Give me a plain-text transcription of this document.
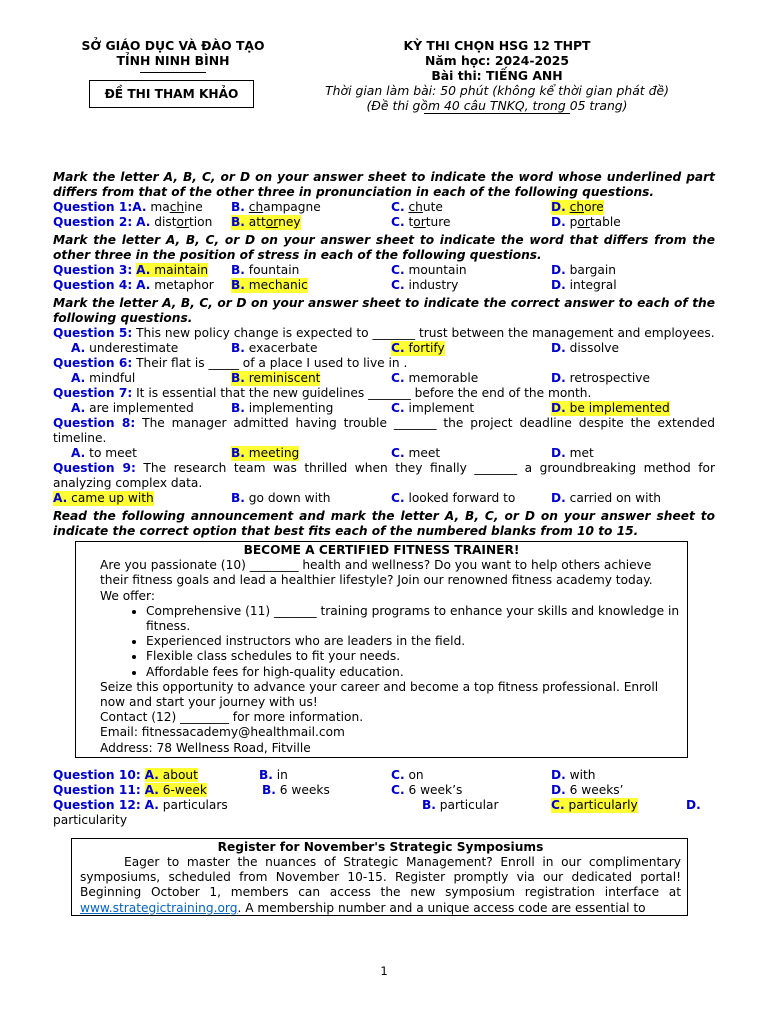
SỞ GIÁO DỤC VÀ ĐÀO TẠO
TỈNH NINH BÌNH
ĐỀ THI THAM KHẢO
KỲ THI CHỌN HSG 12 THPT
Năm học: 2024-2025
Bài thi: TIẾNG ANH
Thời gian làm bài: 50 phút (không kể thời gian phát đề)
(Đề thi gồm 40 câu TNKQ, trong 05 trang)
Mark the letter A, B, C, or D on your answer sheet to indicate the word whose underlined part differs from that of the other three in pronunciation in each of the following questions.
Question 1:A. machine B. champagne	C. chute	D. chore
Question 2: A. distortion B. attorney	C. torture	D. portable
Mark the letter A, B, C, or D on your answer sheet to indicate the word that differs from the other three in the position of stress in each of the following questions.
Question 3: A. maintain B. fountain	C. mountain	D. bargain
Question 4: A. metaphor B. mechanic	C. industry	D. integral
Mark the letter A, B, C, or D on your answer sheet to indicate the correct answer to each of the following questions.
Question 5: This new policy change is expected to _______ trust between the management and employees.
A. underestimate	B. exacerbate	C. fortify	D. dissolve
Question 6: Their flat is _____ of a place I used to live in .
A. mindful	B. reminiscent	C. memorable	D. retrospective
Question 7: It is essential that the new guidelines _______ before the end of the month.
A. are implemented	B. implementing	C. implement	D. be implemented
Question 8: The manager admitted having trouble _______ the project deadline despite the extended timeline.
A. to meet	B. meeting	C. meet	D. met
Question 9: The research team was thrilled when they finally _______ a groundbreaking method for analyzing complex data.
A. came up with	B. go down with	C. looked forward to	D. carried on with
Read the following announcement and mark the letter A, B, C, or D on your answer sheet to indicate the correct option that best fits each of the numbered blanks from 10 to 15.
BECOME A CERTIFIED FITNESS TRAINER!
Are you passionate (10) ________ health and wellness? Do you want to help others achieve their fitness goals and lead a healthier lifestyle? Join our renowned fitness academy today.
We offer:
• Comprehensive (11) _______ training programs to enhance your skills and knowledge in fitness.
• Experienced instructors who are leaders in the field.
• Flexible class schedules to fit your needs.
• Affordable fees for high-quality education.
Seize this opportunity to advance your career and become a top fitness professional. Enroll now and start your journey with us!
Contact (12) ________ for more information.
Email: fitnessacademy@healthmail.com
Address: 78 Wellness Road, Fitville
Question 10: A. about	B. in	C. on	D. with
Question 11: A. 6-week	B. 6 weeks	C. 6 week’s	D. 6 weeks’
Question 12: A. particulars	B. particular	C. particularly	D.
particularity
Register for November's Strategic Symposiums
Eager to master the nuances of Strategic Management? Enroll in our complimentary symposiums, scheduled from November 10-15. Register promptly via our dedicated portal! Beginning October 1, members can access the new symposium registration interface at www.strategictraining.org. A membership number and a unique access code are essential to
1
